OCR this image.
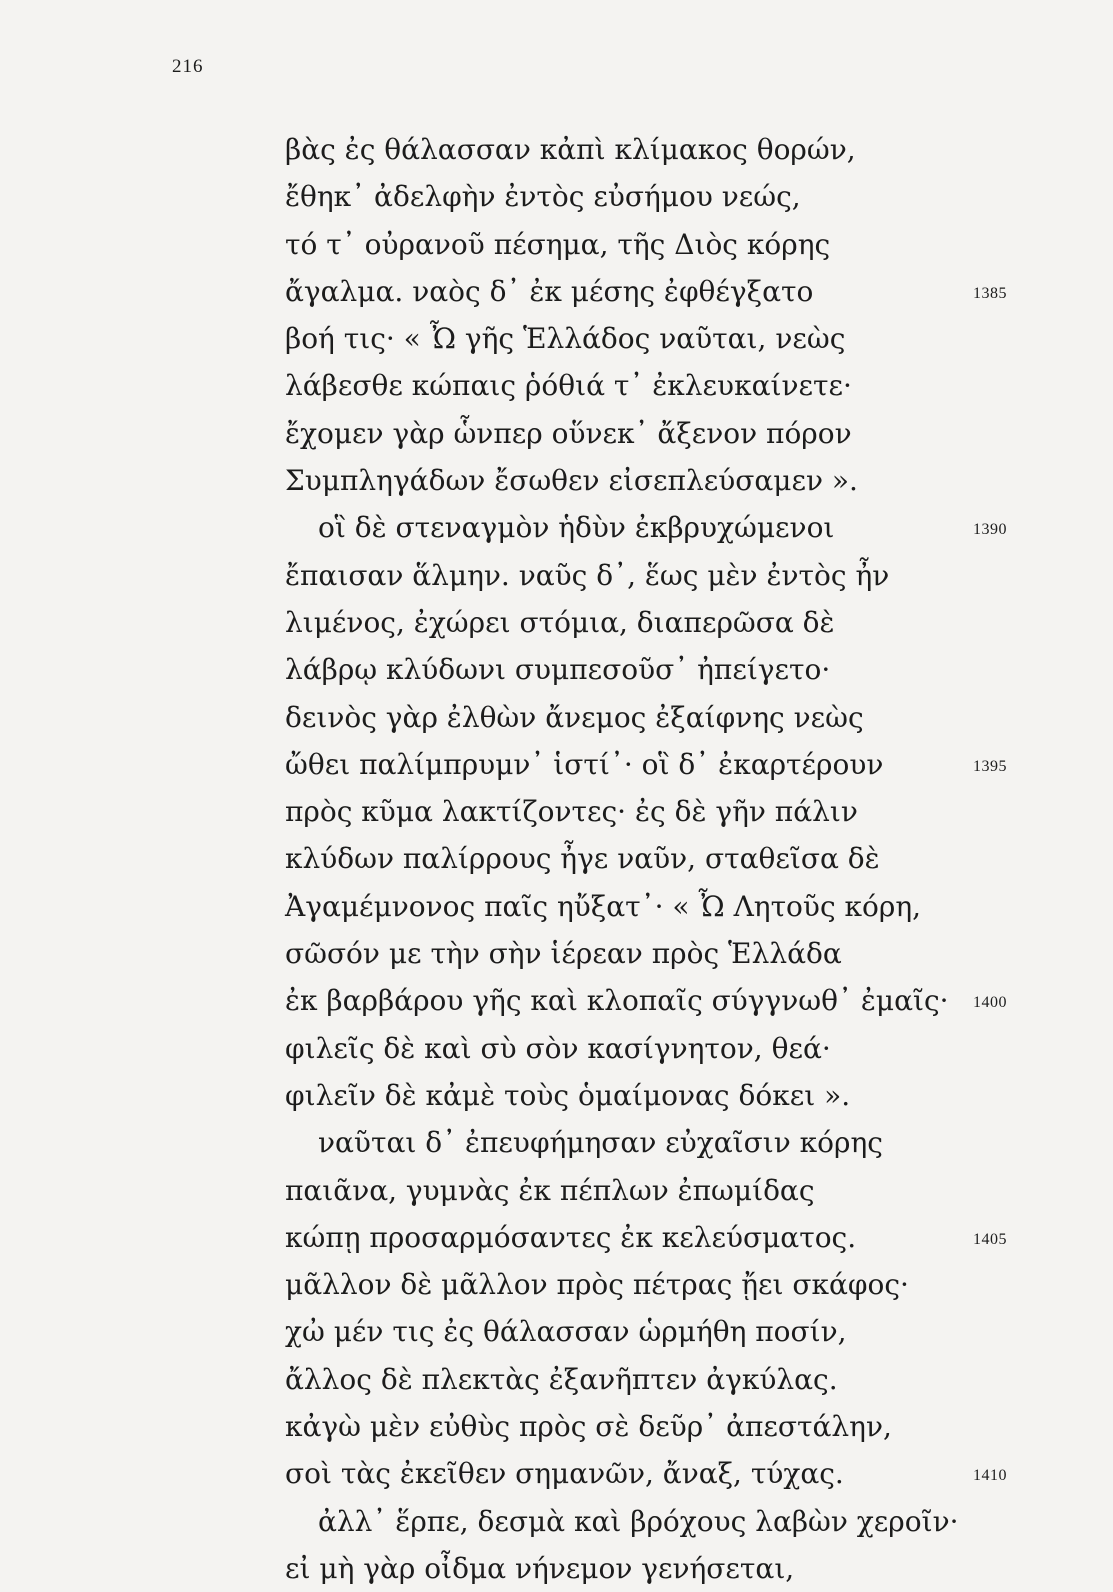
216
βὰς ἐς θάλασσαν κἀπὶ κλίμακος θορών,
ἔθηκ᾽ ἀδελφὴν ἐντὸς εὐσήμου νεώς,
τό τ᾽ οὐρανοῦ πέσημα, τῆς Διὸς κόρης
ἄγαλμα. ναὸς δ᾽ ἐκ μέσης ἐφθέγξατο	1385
βοή τις· « Ὦ γῆς Ἑλλάδος ναῦται, νεὼς
λάβεσθε κώπαις ῥόθιά τ᾽ ἐκλευκαίνετε·
ἔχομεν γὰρ ὧνπερ οὕνεκ᾽ ἄξενον πόρον
Συμπληγάδων ἔσωθεν εἰσεπλεύσαμεν ».
οἳ δὲ στεναγμὸν ἡδὺν ἐκβρυχώμενοι	1390
ἔπαισαν ἅλμην. ναῦς δ᾽, ἕως μὲν ἐντὸς ἦν
λιμένος, ἐχώρει στόμια, διαπερῶσα δὲ
λάβρῳ κλύδωνι συμπεσοῦσ᾽ ἠπείγετο·
δεινὸς γὰρ ἐλθὼν ἄνεμος ἐξαίφνης νεὼς
ὤθει παλίμπρυμν᾽ ἱστί᾽· οἳ δ᾽ ἐκαρτέρουν	1395
πρὸς κῦμα λακτίζοντες· ἐς δὲ γῆν πάλιν
κλύδων παλίρρους ἦγε ναῦν, σταθεῖσα δὲ
Ἀγαμέμνονος παῖς ηὔξατ᾽· « Ὦ Λητοῦς κόρη,
σῶσόν με τὴν σὴν ἱέρεαν πρὸς Ἑλλάδα
ἐκ βαρβάρου γῆς καὶ κλοπαῖς σύγγνωθ᾽ ἐμαῖς· 1400
φιλεῖς δὲ καὶ σὺ σὸν κασίγνητον, θεά·
φιλεῖν δὲ κἀμὲ τοὺς ὁμαίμονας δόκει ».
ναῦται δ᾽ ἐπευφήμησαν εὐχαῖσιν κόρης
παιᾶνα, γυμνὰς ἐκ πέπλων ἐπωμίδας
κώπῃ προσαρμόσαντες ἐκ κελεύσματος.	1405
μᾶλλον δὲ μᾶλλον πρὸς πέτρας ᾔει σκάφος·
χὠ μέν τις ἐς θάλασσαν ὡρμήθη ποσίν,
ἄλλος δὲ πλεκτὰς ἐξανῆπτεν ἀγκύλας.
κἀγὼ μὲν εὐθὺς πρὸς σὲ δεῦρ᾽ ἀπεστάλην,
σοὶ τὰς ἐκεῖθεν σημανῶν, ἄναξ, τύχας.	1410
ἀλλ᾽ ἕρπε, δεσμὰ καὶ βρόχους λαβὼν χεροῖν·
εἰ μὴ γὰρ οἶδμα νήνεμον γενήσεται,
